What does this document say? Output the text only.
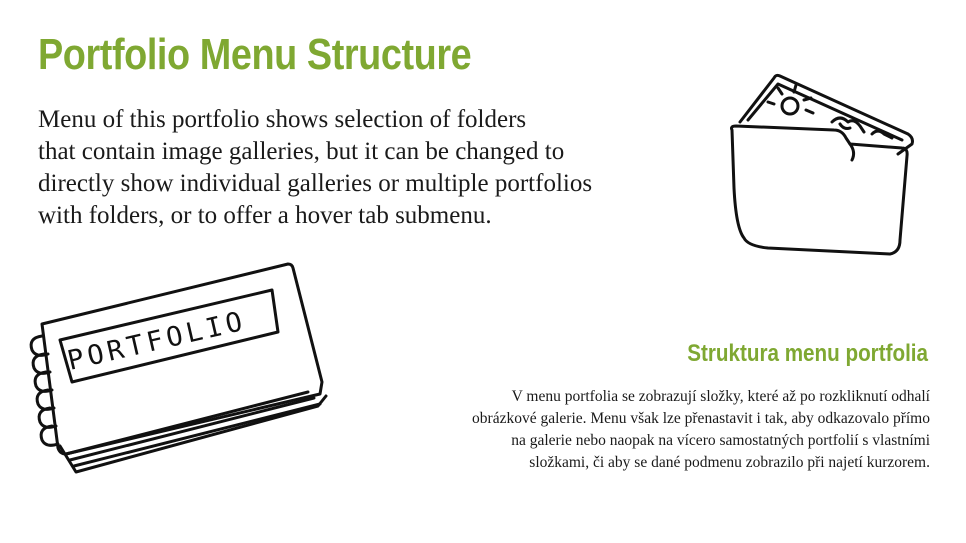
Portfolio Menu Structure

Menu of this portfolio shows selection of folders
that contain image galleries, but it can be changed to
directly show individual galleries or multiple portfolios
with folders, or to offer a hover tab submenu.

PORTFOLIO	Struktura menu portfolia

V menu portfolia se zobrazují složky, které až po rozkliknutí odhalí
obrázkové galerie. Menu však lze přenastavit i tak, aby odkazovalo přímo
na galerie nebo naopak na vícero samostatných portfolií s vlastními
složkami, či aby se dané podmenu zobrazilo při najetí kurzorem.
